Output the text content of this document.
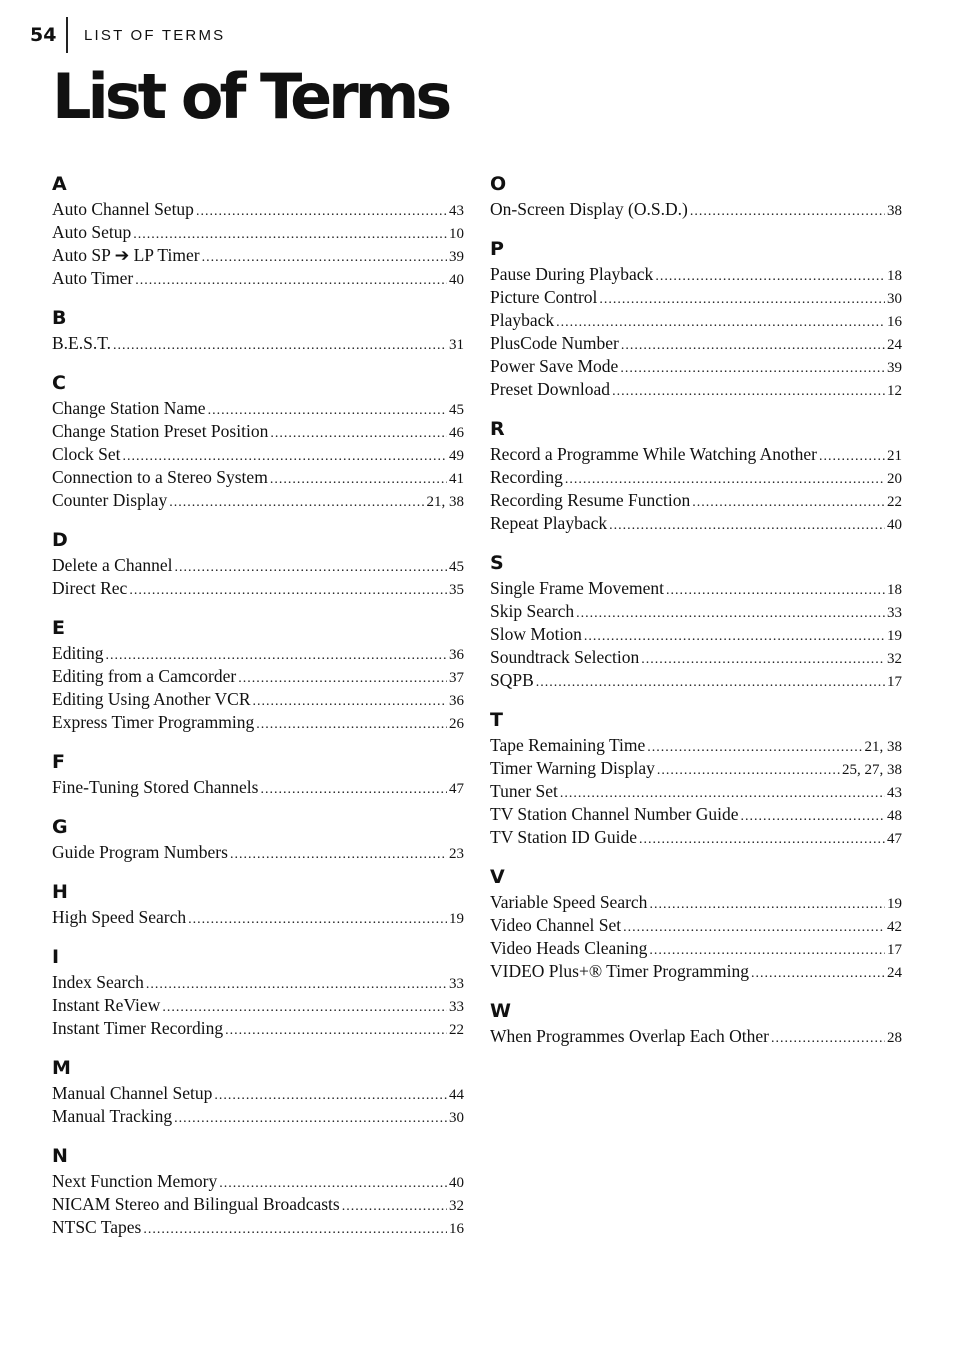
54	LIST OF TERMS
List of Terms
A
Auto Channel Setup .....	43
Auto Setup .....	10
Auto SP ➔ LP Timer .....	39
Auto Timer .....	40
B
B.E.S.T. .....	31
C
Change Station Name .....	45
Change Station Preset Position .....	46
Clock Set .....	49
Connection to a Stereo System .....	41
Counter Display .....	21, 38
D
Delete a Channel .....	45
Direct Rec .....	35
E
Editing .....	36
Editing from a Camcorder .....	37
Editing Using Another VCR .....	36
Express Timer Programming .....	26
F
Fine-Tuning Stored Channels .....	47
G
Guide Program Numbers .....	23
H
High Speed Search .....	19
I
Index Search .....	33
Instant ReView .....	33
Instant Timer Recording .....	22
M
Manual Channel Setup .....	44
Manual Tracking .....	30
N
Next Function Memory .....	40
NICAM Stereo and Bilingual Broadcasts .....	32
NTSC Tapes .....	16
O
On-Screen Display (O.S.D.) .....	38
P
Pause During Playback .....	18
Picture Control .....	30
Playback .....	16
PlusCode Number .....	24
Power Save Mode .....	39
Preset Download .....	12
R
Record a Programme While Watching Another .....	21
Recording .....	20
Recording Resume Function .....	22
Repeat Playback .....	40
S
Single Frame Movement .....	18
Skip Search .....	33
Slow Motion .....	19
Soundtrack Selection .....	32
SQPB .....	17
T
Tape Remaining Time .....	21, 38
Timer Warning Display .....	25, 27, 38
Tuner Set .....	43
TV Station Channel Number Guide .....	48
TV Station ID Guide .....	47
V
Variable Speed Search .....	19
Video Channel Set .....	42
Video Heads Cleaning .....	17
VIDEO Plus+® Timer Programming .....	24
W
When Programmes Overlap Each Other .....	28
